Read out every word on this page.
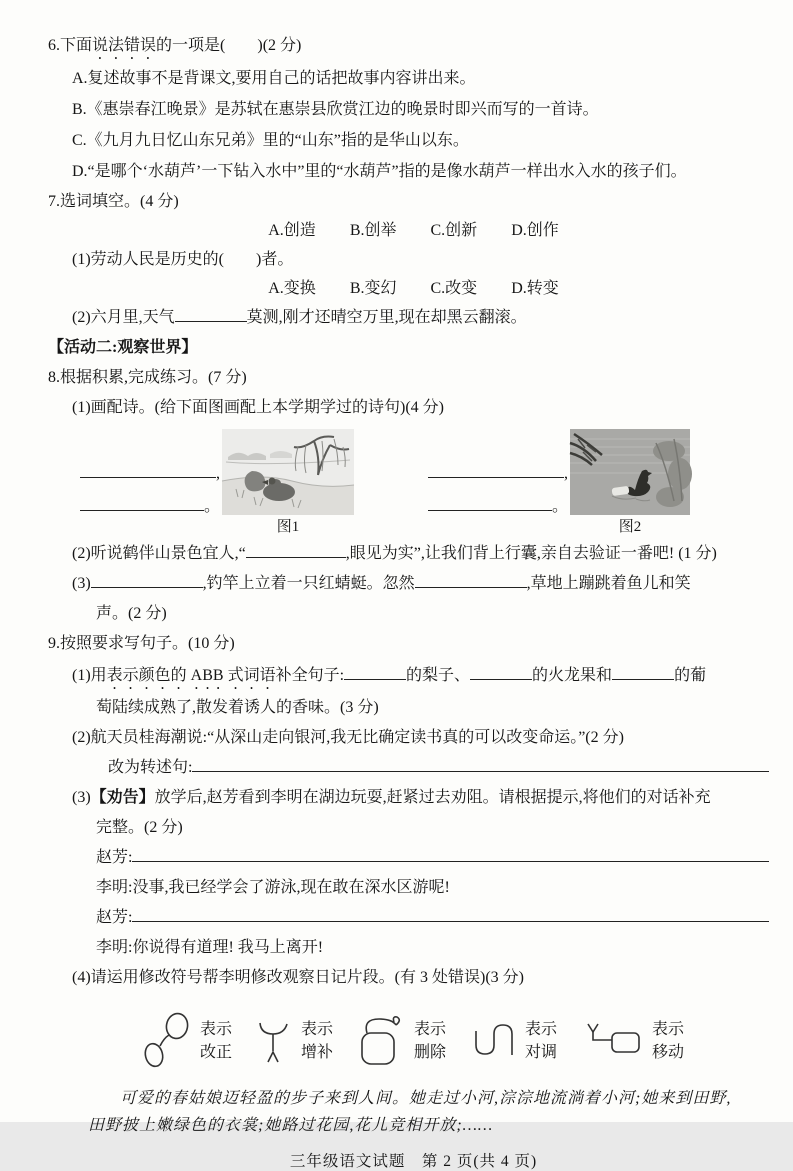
6.下面说法错误的一项是(　　)(2 分)
A.复述故事不是背课文,要用自己的话把故事内容讲出来。
B.《惠崇春江晚景》是苏轼在惠崇县欣赏江边的晚景时即兴而写的一首诗。
C.《九月九日忆山东兄弟》里的“山东”指的是华山以东。
D.“是哪个‘水葫芦’一下钻入水中”里的“水葫芦”指的是像水葫芦一样出水入水的孩子们。
7.选词填空。(4 分)
A.创造 B.创举 C.创新 D.创作
(1)劳动人民是历史的(　　)者。
A.变换 B.变幻 C.改变 D.转变
(2)六月里,天气	莫测,刚才还晴空万里,现在却黑云翻滚。
【活动二:观察世界】
8.根据积累,完成练习。(7 分)
(1)画配诗。(给下面图画配上本学期学过的诗句)(4 分)
,
。
图1
,
。
图2
(2)听说鹤伴山景色宜人,“	,眼见为实”,让我们背上行囊,亲自去验证一番吧! (1 分)
(3)	,钓竿上立着一只红蜻蜓。忽然	,草地上蹦跳着鱼儿和笑
声。(2 分)
9.按照要求写句子。(10 分)
(1)用表示颜色的 ABB 式词语补全句子:	的梨子、	的火龙果和	的葡
萄陆续成熟了,散发着诱人的香味。(3 分)
(2)航天员桂海潮说:“从深山走向银河,我无比确定读书真的可以改变命运。”(2 分)
改为转述句:
(3)【劝告】放学后,赵芳看到李明在湖边玩耍,赶紧过去劝阻。请根据提示,将他们的对话补充
完整。(2 分)
赵芳:
李明:没事,我已经学会了游泳,现在敢在深水区游呢!
赵芳:
李明:你说得有道理! 我马上离开!
(4)请运用修改符号帮李明修改观察日记片段。(有 3 处错误)(3 分)
表示
改正
表示
增补
表示
删除
表示
对调
表示
移动
可爱的春姑娘迈轻盈的步子来到人间。她走过小河,淙淙地流淌着小河;她来到田野,
田野披上嫩绿色的衣裳;她路过花园,花儿竞相开放;……
三年级语文试题　第 2 页(共 4 页)
